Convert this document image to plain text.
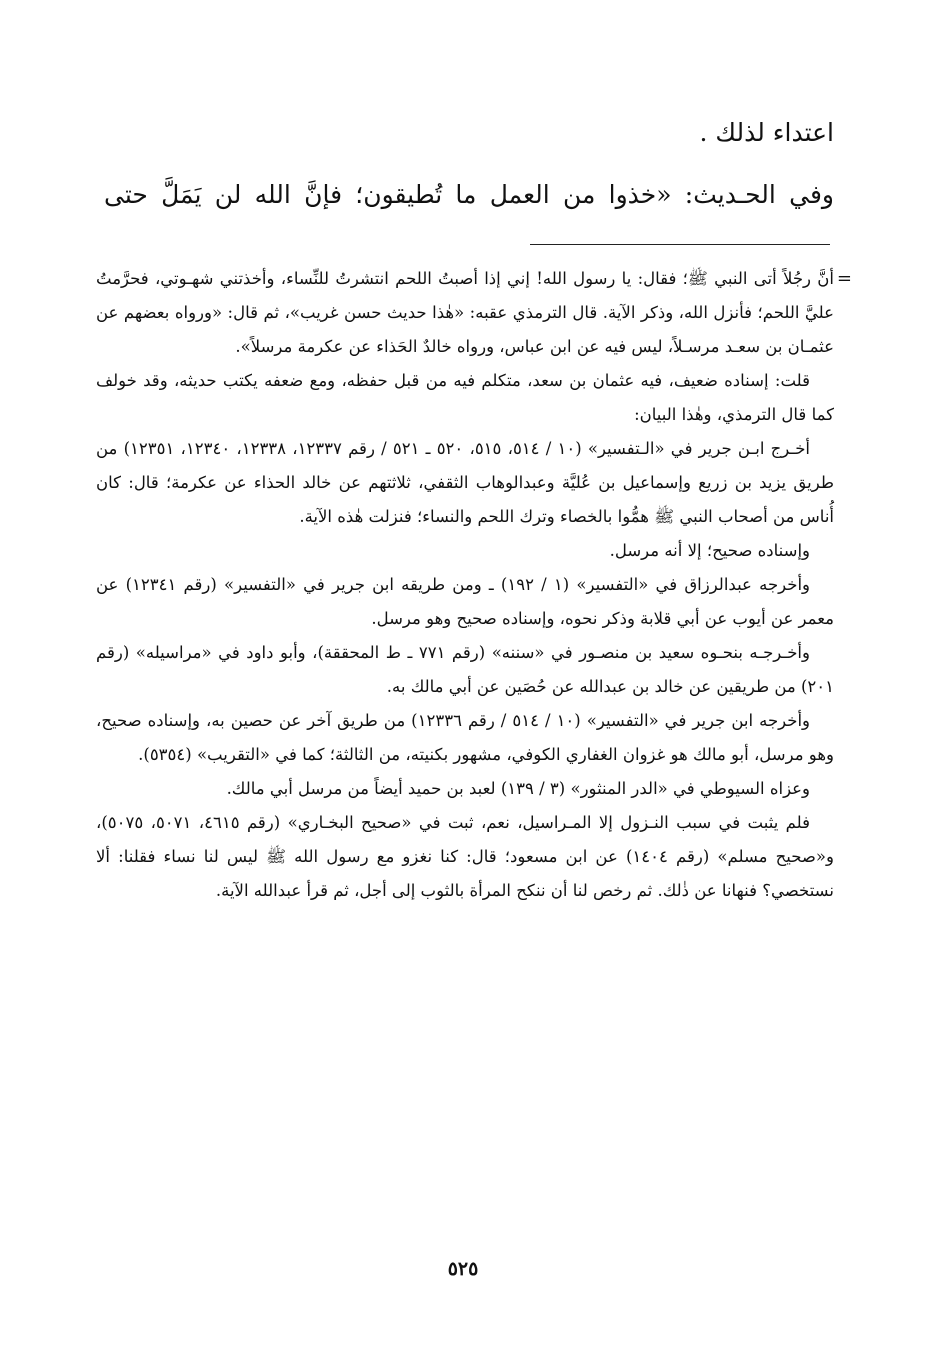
اعتداء لذلك .

وفي الحـديث: «خذوا من العمل ما تُطيقون؛ فإنَّ الله لن يَمَلَّ حتى

=
أنَّ رجُلاً أتى النبي ﷺ؛ فقال: يا رسول الله! إني إذا أصبتُ اللحم انتشرتُ للنِّساء، وأخذتني شهـوتي، فحرَّمتُ عليَّ اللحم؛ فأنزل الله، وذكر الآية. قال الترمذي عقبه: «هٰذا حديث حسن غريب»، ثم قال: «ورواه بعضهم عن عثمـان بن سعـد مرسـلاً، ليس فيه عن ابن عباس، ورواه خالدٌ الحَذاء عن عكرمة مرسلاً».

قلت: إسناده ضعيف، فيه عثمان بن سعد، متكلم فيه من قبل حفظه، ومع ضعفه يكتب حديثه، وقد خولف كما قال الترمذي، وهٰذا البيان:

أخـرج ابـن جرير في «الـتفسير» (١٠ / ٥١٤، ٥١٥، ٥٢٠ ـ ٥٢١ / رقم ١٢٣٣٧، ١٢٣٣٨، ١٢٣٤٠، ١٢٣٥١) من طريق يزيد بن زريع وإسماعيل بن عُليَّة وعبدالوهاب الثقفي، ثلاثتهم عن خالد الحذاء عن عكرمة؛ قال: كان أُناس من أصحاب النبي ﷺ همُّوا بالخصاء وترك اللحم والنساء؛ فنزلت هٰذه الآية.

وإسناده صحيح؛ إلا أنه مرسل.

وأخرجه عبدالرزاق في «التفسير» (١ / ١٩٢) ـ ومن طريقه ابن جرير في «التفسير» (رقم ١٢٣٤١) عن معمر عن أيوب عن أبي قلابة وذكر نحوه، وإسناده صحيح وهو مرسل.

وأخـرجـه بنحـوه سعيد بن منصـور في «سننه» (رقم ٧٧١ ـ ط المحققة)، وأبو داود في «مراسيله» (رقم ٢٠١) من طريقين عن خالد بن عبدالله عن حُصَين عن أبي مالك به.

وأخرجه ابن جرير في «التفسير» (١٠ / ٥١٤ / رقم ١٢٣٣٦) من طريق آخر عن حصين به، وإسناده صحيح، وهو مرسل، أبو مالك هو غزوان الغفاري الكوفي، مشهور بكنيته، من الثالثة؛ كما في «التقريب» (٥٣٥٤).

وعزاه السيوطي في «الدر المنثور» (٣ / ١٣٩) لعبد بن حميد أيضاً من مرسل أبي مالك.

فلم يثبت في سبب النـزول إلا المـراسيل، نعم، ثبت في «صحيح البخـاري» (رقم ٤٦١٥، ٥٠٧١، ٥٠٧٥)، و«صحيح مسلم» (رقم ١٤٠٤) عن ابن مسعود؛ قال: كنا نغزو مع رسول الله ﷺ ليس لنا نساء فقلنا: ألا نستخصي؟ فنهانا عن ذٰلك. ثم رخص لنا أن ننكح المرأة بالثوب إلى أجل، ثم قرأ عبدالله الآية.

٥٢٥
